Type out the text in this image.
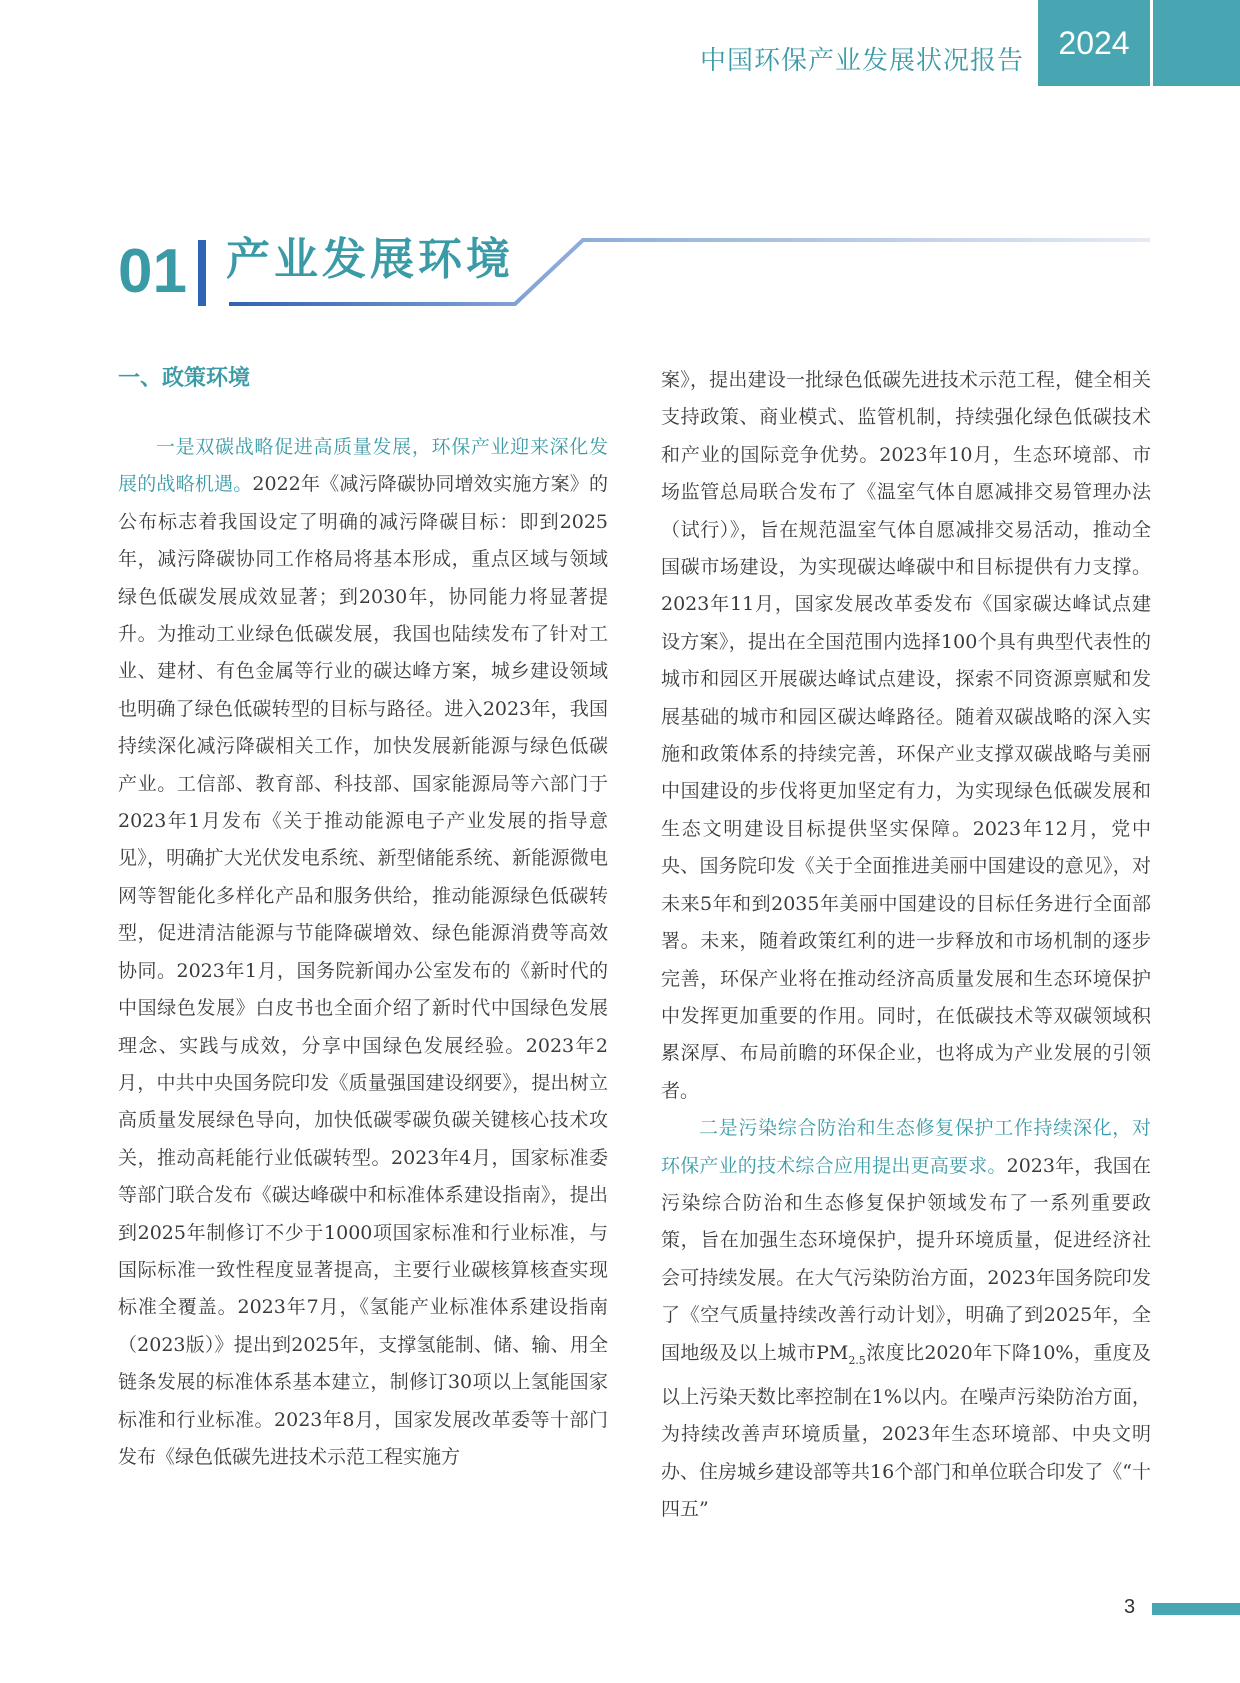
中国环保产业发展状况报告	2024
01 产业发展环境
一、政策环境

一是双碳战略促进高质量发展，环保产业迎来深化发展的战略机遇。2022年《减污降碳协同增效实施方案》的公布标志着我国设定了明确的减污降碳目标：即到2025年，减污降碳协同工作格局将基本形成，重点区域与领域绿色低碳发展成效显著；到2030年，协同能力将显著提升。为推动工业绿色低碳发展，我国也陆续发布了针对工业、建材、有色金属等行业的碳达峰方案，城乡建设领域也明确了绿色低碳转型的目标与路径。进入2023年，我国持续深化减污降碳相关工作，加快发展新能源与绿色低碳产业。工信部、教育部、科技部、国家能源局等六部门于2023年1月发布《关于推动能源电子产业发展的指导意见》，明确扩大光伏发电系统、新型储能系统、新能源微电网等智能化多样化产品和服务供给，推动能源绿色低碳转型，促进清洁能源与节能降碳增效、绿色能源消费等高效协同。2023年1月，国务院新闻办公室发布的《新时代的中国绿色发展》白皮书也全面介绍了新时代中国绿色发展理念、实践与成效，分享中国绿色发展经验。2023年2月，中共中央国务院印发《质量强国建设纲要》，提出树立高质量发展绿色导向，加快低碳零碳负碳关键核心技术攻关，推动高耗能行业低碳转型。2023年4月，国家标准委等部门联合发布《碳达峰碳中和标准体系建设指南》，提出到2025年制修订不少于1000项国家标准和行业标准，与国际标准一致性程度显著提高，主要行业碳核算核查实现标准全覆盖。2023年7月，《氢能产业标准体系建设指南（2023版）》提出到2025年，支撑氢能制、储、输、用全链条发展的标准体系基本建立，制修订30项以上氢能国家标准和行业标准。2023年8月，国家发展改革委等十部门发布《绿色低碳先进技术示范工程实施方

案》，提出建设一批绿色低碳先进技术示范工程，健全相关支持政策、商业模式、监管机制，持续强化绿色低碳技术和产业的国际竞争优势。2023年10月，生态环境部、市场监管总局联合发布了《温室气体自愿减排交易管理办法（试行）》，旨在规范温室气体自愿减排交易活动，推动全国碳市场建设，为实现碳达峰碳中和目标提供有力支撑。2023年11月，国家发展改革委发布《国家碳达峰试点建设方案》，提出在全国范围内选择100个具有典型代表性的城市和园区开展碳达峰试点建设，探索不同资源禀赋和发展基础的城市和园区碳达峰路径。随着双碳战略的深入实施和政策体系的持续完善，环保产业支撑双碳战略与美丽中国建设的步伐将更加坚定有力，为实现绿色低碳发展和生态文明建设目标提供坚实保障。2023年12月，党中央、国务院印发《关于全面推进美丽中国建设的意见》，对未来5年和到2035年美丽中国建设的目标任务进行全面部署。未来，随着政策红利的进一步释放和市场机制的逐步完善，环保产业将在推动经济高质量发展和生态环境保护中发挥更加重要的作用。同时，在低碳技术等双碳领域积累深厚、布局前瞻的环保企业，也将成为产业发展的引领者。

二是污染综合防治和生态修复保护工作持续深化，对环保产业的技术综合应用提出更高要求。2023年，我国在污染综合防治和生态修复保护领域发布了一系列重要政策，旨在加强生态环境保护，提升环境质量，促进经济社会可持续发展。在大气污染防治方面，2023年国务院印发了《空气质量持续改善行动计划》，明确了到2025年，全国地级及以上城市$PM_{2.5}$浓度比2020年下降10%，重度及以上污染天数比率控制在1%以内。在噪声污染防治方面，为持续改善声环境质量，2023年生态环境部、中央文明办、住房城乡建设部等共16个部门和单位联合印发了《“十四五”

3
